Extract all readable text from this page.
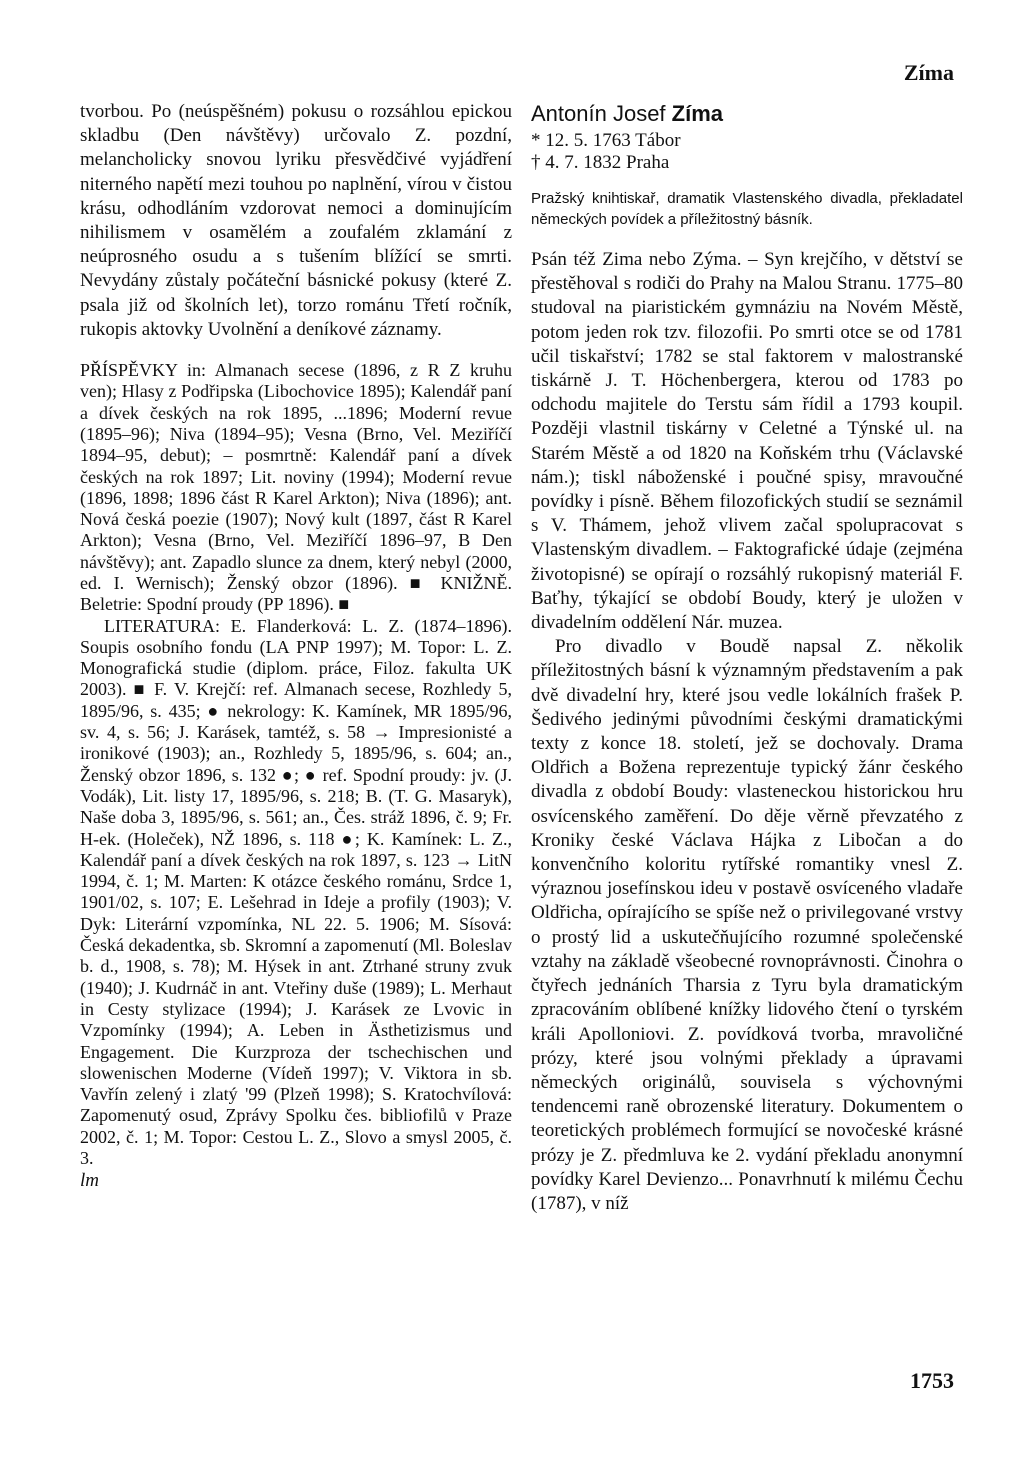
Zíma

tvorbou. Po (neúspěšném) pokusu o rozsáhlou epickou skladbu (Den návštěvy) určovalo Z. pozdní, melancholicky snovou lyriku přesvědčivé vyjádření niterného napětí mezi touhou po naplnění, vírou v čistou krásu, odhodláním vzdorovat nemoci a dominujícím nihilismem v osamělém a zoufalém zklamání z neúprosného osudu a s tušením blížící se smrti. Nevydány zůstaly počáteční básnické pokusy (které Z. psala již od školních let), torzo románu Třetí ročník, rukopis aktovky Uvolnění a deníkové záznamy.

PŘÍSPĚVKY in: Almanach secese (1896, z R Z kruhu ven); Hlasy z Podřipska (Libochovice 1895); Kalendář paní a dívek českých na rok 1895, ...1896; Moderní revue (1895–96); Niva (1894–95); Vesna (Brno, Vel. Meziříčí 1894–95, debut); – posmrtně: Kalendář paní a dívek českých na rok 1897; Lit. noviny (1994); Moderní revue (1896, 1898; 1896 část R Karel Arkton); Niva (1896); ant. Nová česká poezie (1907); Nový kult (1897, část R Karel Arkton); Vesna (Brno, Vel. Meziříčí 1896–97, B Den návštěvy); ant. Zapadlo slunce za dnem, který nebyl (2000, ed. I. Wernisch); Ženský obzor (1896). ■ KNIŽNĚ. Beletrie: Spodní proudy (PP 1896). ■

LITERATURA: E. Flanderková: L. Z. (1874–1896). Soupis osobního fondu (LA PNP 1997); M. Topor: L. Z. Monografická studie (diplom. práce, Filoz. fakulta UK 2003). ■ F. V. Krejčí: ref. Almanach secese, Rozhledy 5, 1895/96, s. 435; ● nekrology: K. Kamínek, MR 1895/96, sv. 4, s. 56; J. Karásek, tamtéž, s. 58 → Impresionisté a ironikové (1903); an., Rozhledy 5, 1895/96, s. 604; an., Ženský obzor 1896, s. 132 ●; ● ref. Spodní proudy: jv. (J. Vodák), Lit. listy 17, 1895/96, s. 218; B. (T. G. Masaryk), Naše doba 3, 1895/96, s. 561; an., Čes. stráž 1896, č. 9; Fr. H-ek. (Holeček), NŽ 1896, s. 118 ●; K. Kamínek: L. Z., Kalendář paní a dívek českých na rok 1897, s. 123 → LitN 1994, č. 1; M. Marten: K otázce českého románu, Srdce 1, 1901/02, s. 107; E. Lešehrad in Ideje a profily (1903); V. Dyk: Literární vzpomínka, NL 22. 5. 1906; M. Sísová: Česká dekadentka, sb. Skromní a zapomenutí (Ml. Boleslav b. d., 1908, s. 78); M. Hýsek in ant. Ztrhané struny zvuk (1940); J. Kudrnáč in ant. Vteřiny duše (1989); L. Merhaut in Cesty stylizace (1994); J. Karásek ze Lvovic in Vzpomínky (1994); A. Leben in Ästhetizismus und Engagement. Die Kurzproza der tschechischen und slowenischen Moderne (Vídeň 1997); V. Viktora in sb. Vavřín zelený i zlatý '99 (Plzeň 1998); S. Kratochvílová: Zapomenutý osud, Zprávy Spolku čes. bibliofilů v Praze 2002, č. 1; M. Topor: Cestou L. Z., Slovo a smysl 2005, č. 3.

lm

Antonín Josef Zíma
* 12. 5. 1763 Tábor
† 4. 7. 1832 Praha
Pražský knihtiskař, dramatik Vlastenského divadla, překladatel německých povídek a příležitostný básník.

Psán též Zima nebo Zýma. – Syn krejčího, v dětství se přestěhoval s rodiči do Prahy na Malou Stranu. 1775–80 studoval na piaristickém gymnáziu na Novém Městě, potom jeden rok tzv. filozofii. Po smrti otce se od 1781 učil tiskařství; 1782 se stal faktorem v malostranské tiskárně J. T. Höchenbergera, kterou od 1783 po odchodu majitele do Terstu sám řídil a 1793 koupil. Později vlastnil tiskárny v Celetné a Týnské ul. na Starém Městě a od 1820 na Koňském trhu (Václavské nám.); tiskl náboženské i poučné spisy, mravoučné povídky i písně. Během filozofických studií se seznámil s V. Thámem, jehož vlivem začal spolupracovat s Vlastenským divadlem. – Faktografické údaje (zejména životopisné) se opírají o rozsáhlý rukopisný materiál F. Baťhy, týkající se období Boudy, který je uložen v divadelním oddělení Nár. muzea.

Pro divadlo v Boudě napsal Z. několik příležitostných básní k významným představením a pak dvě divadelní hry, které jsou vedle lokálních frašek P. Šedivého jedinými původními českými dramatickými texty z konce 18. století, jež se dochovaly. Drama Oldřich a Božena reprezentuje typický žánr českého divadla z období Boudy: vlasteneckou historickou hru osvícenského zaměření. Do děje věrně převzatého z Kroniky české Václava Hájka z Libočan a do konvenčního koloritu rytířské romantiky vnesl Z. výraznou josefínskou ideu v postavě osvíceného vladaře Oldřicha, opírajícího se spíše než o privilegované vrstvy o prostý lid a uskutečňujícího rozumné společenské vztahy na základě všeobecné rovnoprávnosti. Činohra o čtyřech jednáních Tharsia z Tyru byla dramatickým zpracováním oblíbené knížky lidového čtení o tyrském králi Apolloniovi. Z. povídková tvorba, mravoličné prózy, které jsou volnými překlady a úpravami německých originálů, souvisela s výchovnými tendencemi raně obrozenské literatury. Dokumentem o teoretických problémech formující se novočeské krásné prózy je Z. předmluva ke 2. vydání překladu anonymní povídky Karel Devienzo... Ponavrhnutí k milému Čechu (1787), v níž

1753
